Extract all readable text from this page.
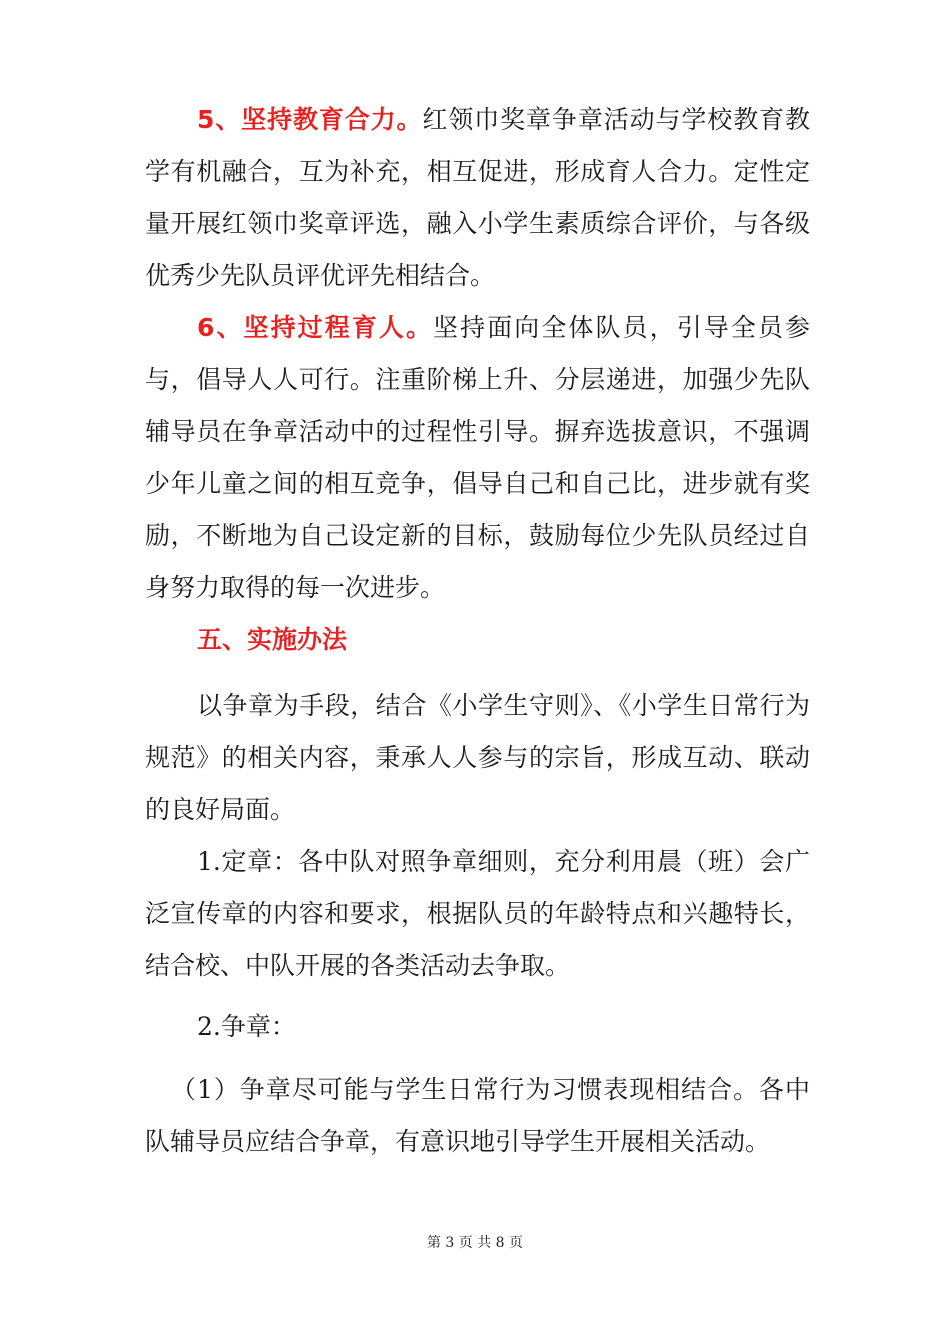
5、坚持教育合力。红领巾奖章争章活动与学校教育教学有机融合，互为补充，相互促进，形成育人合力。定性定量开展红领巾奖章评选，融入小学生素质综合评价，与各级优秀少先队员评优评先相结合。

6、坚持过程育人。坚持面向全体队员，引导全员参与，倡导人人可行。注重阶梯上升、分层递进，加强少先队辅导员在争章活动中的过程性引导。摒弃选拔意识，不强调少年儿童之间的相互竞争，倡导自己和自己比，进步就有奖励，不断地为自己设定新的目标，鼓励每位少先队员经过自身努力取得的每一次进步。

五、实施办法

以争章为手段，结合《小学生守则》、《小学生日常行为规范》的相关内容，秉承人人参与的宗旨，形成互动、联动的良好局面。

1.定章：各中队对照争章细则，充分利用晨（班）会广泛宣传章的内容和要求，根据队员的年龄特点和兴趣特长，结合校、中队开展的各类活动去争取。

2.争章：

（1）争章尽可能与学生日常行为习惯表现相结合。各中队辅导员应结合争章，有意识地引导学生开展相关活动。

第 3 页 共 8 页
